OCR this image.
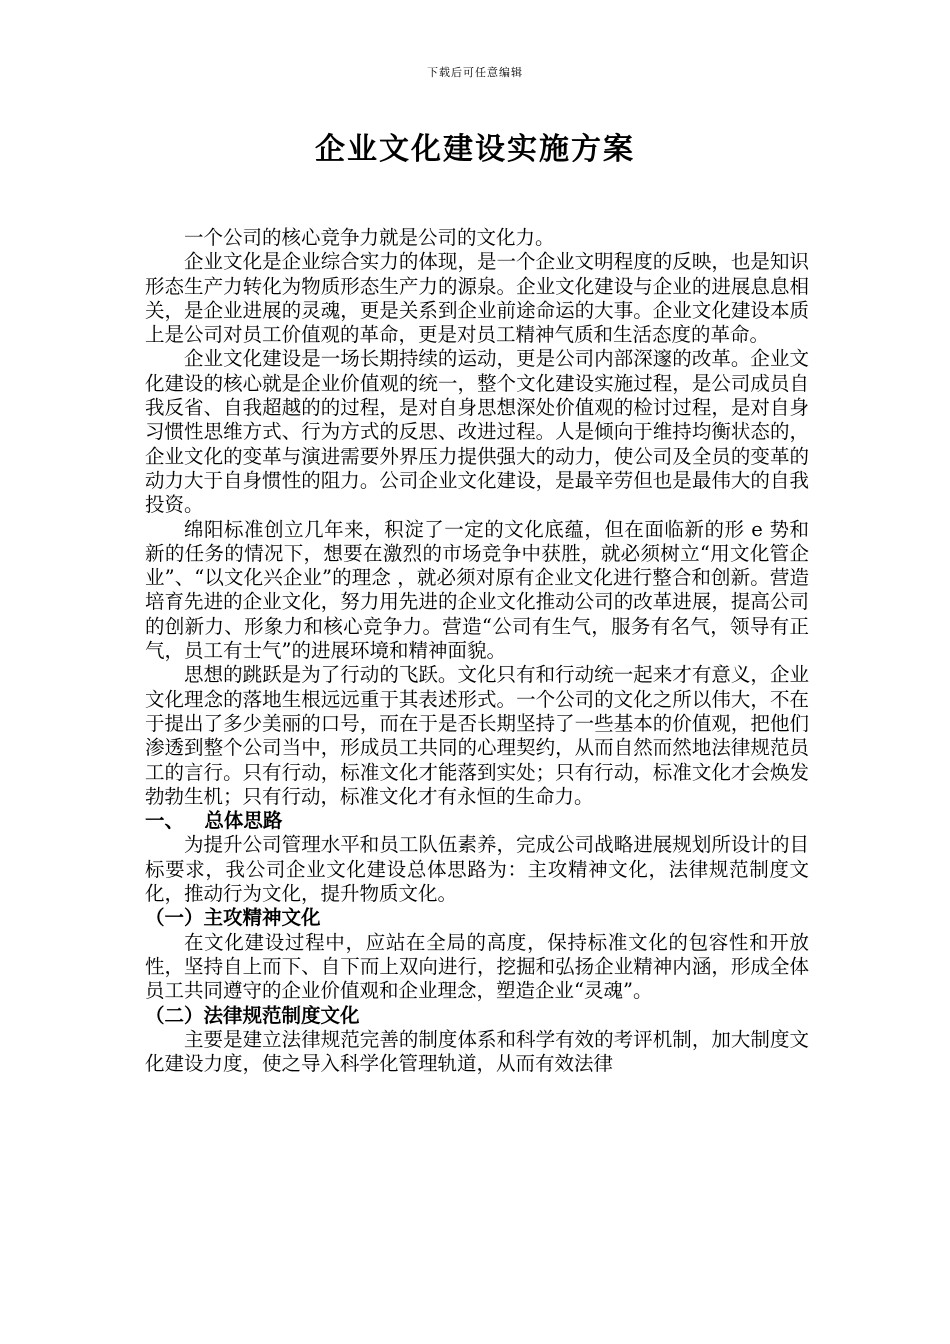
下载后可任意编辑
企业文化建设实施方案

一个公司的核心竞争力就是公司的文化力。

企业文化是企业综合实力的体现，是一个企业文明程度的反映，也是知识形态生产力转化为物质形态生产力的源泉。企业文化建设与企业的进展息息相关，是企业进展的灵魂，更是关系到企业前途命运的大事。企业文化建设本质上是公司对员工价值观的革命，更是对员工精神气质和生活态度的革命。

企业文化建设是一场长期持续的运动，更是公司内部深邃的改革。企业文化建设的核心就是企业价值观的统一，整个文化建设实施过程，是公司成员自我反省、自我超越的的过程，是对自身思想深处价值观的检讨过程，是对自身习惯性思维方式、行为方式的反思、改进过程。人是倾向于维持均衡状态的，企业文化的变革与演进需要外界压力提供强大的动力，使公司及全员的变革的动力大于自身惯性的阻力。公司企业文化建设，是最辛劳但也是最伟大的自我投资。

绵阳标准创立几年来，积淀了一定的文化底蕴，但在面临新的形 e 势和新的任务的情况下，想要在激烈的市场竞争中获胜，就必须树立“用文化管企业”、“以文化兴企业”的理念 ，就必须对原有企业文化进行整合和创新。营造培育先进的企业文化，努力用先进的企业文化推动公司的改革进展，提高公司的创新力、形象力和核心竞争力。营造“公司有生气，服务有名气，领导有正气，员工有士气”的进展环境和精神面貌。

思想的跳跃是为了行动的飞跃。文化只有和行动统一起来才有意义，企业文化理念的落地生根远远重于其表述形式。一个公司的文化之所以伟大，不在于提出了多少美丽的口号，而在于是否长期坚持了一些基本的价值观，把他们渗透到整个公司当中，形成员工共同的心理契约，从而自然而然地法律规范员工的言行。只有行动，标准文化才能落到实处；只有行动，标准文化才会焕发勃勃生机；只有行动，标准文化才有永恒的生命力。

一、   总体思路

为提升公司管理水平和员工队伍素养，完成公司战略进展规划所设计的目标要求，我公司企业文化建设总体思路为：主攻精神文化，法律规范制度文化，推动行为文化，提升物质文化。

（一）主攻精神文化

在文化建设过程中，应站在全局的高度，保持标准文化的包容性和开放性，坚持自上而下、自下而上双向进行，挖掘和弘扬企业精神内涵，形成全体员工共同遵守的企业价值观和企业理念，塑造企业“灵魂”。

（二）法律规范制度文化

主要是建立法律规范完善的制度体系和科学有效的考评机制，加大制度文化建设力度，使之导入科学化管理轨道，从而有效法律
